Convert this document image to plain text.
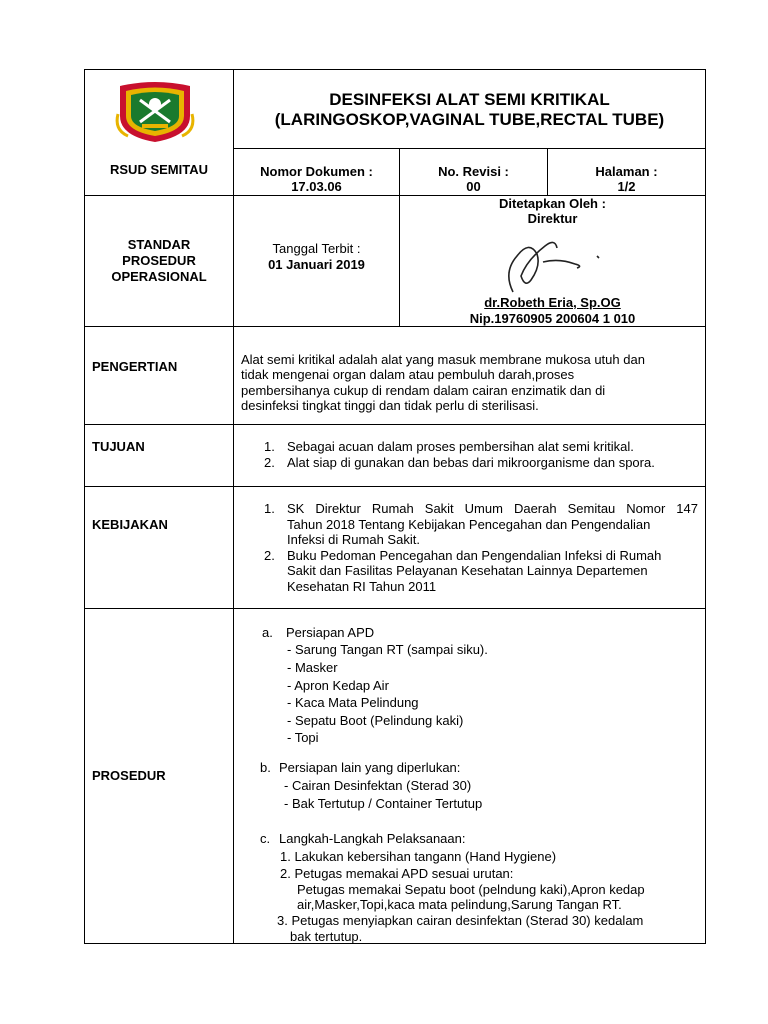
RSUD SEMITAU
DESINFEKSI ALAT SEMI KRITIKAL
(LARINGOSKOP,VAGINAL TUBE,RECTAL TUBE)
Nomor Dokumen :
17.03.06
No. Revisi :
00
Halaman :
1/2
STANDAR
PROSEDUR
OPERASIONAL
Tanggal Terbit :
01 Januari 2019
Ditetapkan Oleh :
Direktur
dr.Robeth Eria, Sp.OG
Nip.19760905 200604 1 010
PENGERTIAN	Alat semi kritikal adalah alat yang masuk membrane mukosa utuh dan
tidak mengenai organ dalam atau pembuluh darah,proses
pembersihanya cukup di rendam dalam cairan enzimatik dan di
desinfeksi tingkat tinggi dan tidak perlu di sterilisasi.
TUJUAN	1. Sebagai acuan dalam proses pembersihan alat semi kritikal.
2. Alat siap di gunakan dan bebas dari mikroorganisme dan spora.
KEBIJAKAN
1. SK Direktur Rumah Sakit Umum Daerah Semitau Nomor 147
Tahun 2018 Tentang Kebijakan Pencegahan dan Pengendalian
Infeksi di Rumah Sakit.
2. Buku Pedoman Pencegahan dan Pengendalian Infeksi di Rumah
Sakit dan Fasilitas Pelayanan Kesehatan Lainnya Departemen
Kesehatan RI Tahun 2011
PROSEDUR
a. Persiapan APD
- Sarung Tangan RT (sampai siku).
- Masker
- Apron Kedap Air
- Kaca Mata Pelindung
- Sepatu Boot (Pelindung kaki)
- Topi
b. Persiapan lain yang diperlukan:
- Cairan Desinfektan (Sterad 30)
- Bak Tertutup / Container Tertutup
c. Langkah-Langkah Pelaksanaan:
1. Lakukan kebersihan tangann (Hand Hygiene)
2. Petugas memakai APD sesuai urutan:
Petugas memakai Sepatu boot (pelndung kaki),Apron kedap
air,Masker,Topi,kaca mata pelindung,Sarung Tangan RT.
3. Petugas menyiapkan cairan desinfektan (Sterad 30) kedalam
bak tertutup.
